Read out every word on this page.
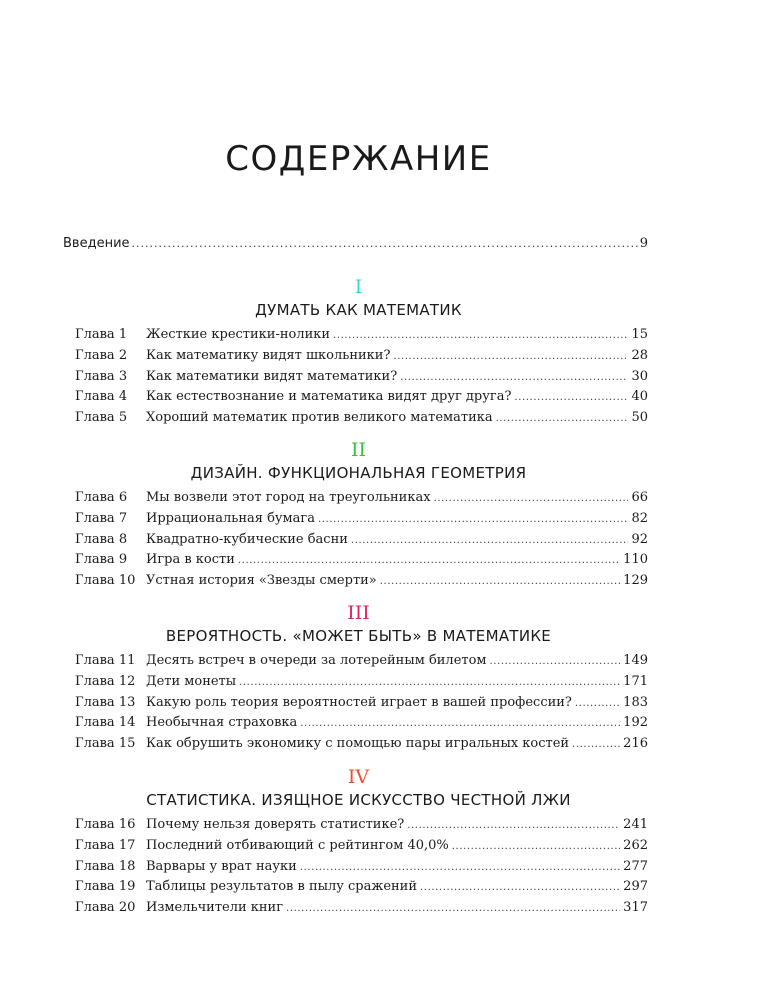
СОДЕРЖАНИЕ
Введение .....	9
I
ДУМАТЬ КАК МАТЕМАТИК
Глава 1	Жесткие крестики-нолики .....	15
Глава 2	Как математику видят школьники? .....	28
Глава 3	Как математики видят математики? .....	30
Глава 4	Как естествознание и математика видят друг друга? .....	40
Глава 5	Хороший математик против великого математика .....	50
II
ДИЗАЙН. ФУНКЦИОНАЛЬНАЯ ГЕОМЕТРИЯ
Глава 6	Мы возвели этот город на треугольниках .....	66
Глава 7	Иррациональная бумага .....	82
Глава 8	Квадратно-кубические басни .....	92
Глава 9	Игра в кости .....	110
Глава 10 Устная история «Звезды смерти» .....	129
III
ВЕРОЯТНОСТЬ. «МОЖЕТ БЫТЬ» В МАТЕМАТИКЕ
Глава 11 Десять встреч в очереди за лотерейным билетом .....	149
Глава 12 Дети монеты .....	171
Глава 13 Какую роль теория вероятностей играет в вашей профессии? .....	183
Глава 14 Необычная страховка .....	192
Глава 15 Как обрушить экономику с помощью пары игральных костей .....	216
IV
СТАТИСТИКА. ИЗЯЩНОЕ ИСКУССТВО ЧЕСТНОЙ ЛЖИ
Глава 16 Почему нельзя доверять статистике? .....	241
Глава 17 Последний отбивающий с рейтингом 40,0% .....	262
Глава 18 Варвары у врат науки .....	277
Глава 19 Таблицы результатов в пылу сражений .....	297
Глава 20 Измельчители книг .....	317
